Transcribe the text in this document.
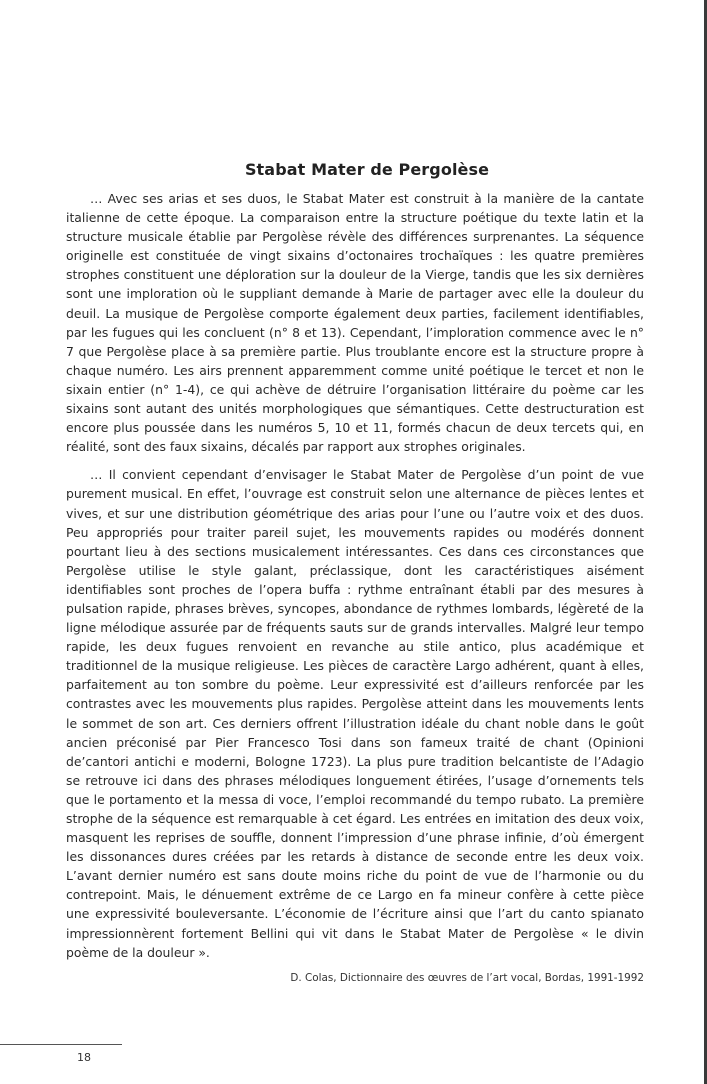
Stabat Mater de Pergolèse

… Avec ses arias et ses duos, le Stabat Mater est construit à la manière de la cantate italienne de cette époque. La comparaison entre la structure poétique du texte latin et la structure musicale établie par Pergolèse révèle des différences surprenantes. La séquence originelle est constituée de vingt sixains d’octonaires trochaïques : les quatre premières strophes constituent une déploration sur la douleur de la Vierge, tandis que les six dernières sont une imploration où le suppliant demande à Marie de partager avec elle la douleur du deuil. La musique de Pergolèse comporte également deux parties, facilement identifiables, par les fugues qui les concluent (n° 8 et 13). Cependant, l’imploration commence avec le n° 7 que Pergolèse place à sa première partie. Plus troublante encore est la structure propre à chaque numéro. Les airs prennent apparemment comme unité poétique le tercet et non le sixain entier (n° 1-4), ce qui achève de détruire l’organisation littéraire du poème car les sixains sont autant des unités morphologiques que sémantiques. Cette destructuration est encore plus poussée dans les numéros 5, 10 et 11, formés chacun de deux tercets qui, en réalité, sont des faux sixains, décalés par rapport aux strophes originales.

… Il convient cependant d’envisager le Stabat Mater de Pergolèse d’un point de vue purement musical. En effet, l’ouvrage est construit selon une alternance de pièces lentes et vives, et sur une distribution géométrique des arias pour l’une ou l’autre voix et des duos. Peu appropriés pour traiter pareil sujet, les mouvements rapides ou modérés donnent pourtant lieu à des sections musicalement intéressantes. Ces dans ces circonstances que Pergolèse utilise le style galant, préclassique, dont les caractéristiques aisément identifiables sont proches de l’opera buffa : rythme entraînant établi par des mesures à pulsation rapide, phrases brèves, syncopes, abondance de rythmes lombards, légèreté de la ligne mélodique assurée par de fréquents sauts sur de grands intervalles. Malgré leur tempo rapide, les deux fugues renvoient en revanche au stile antico, plus académique et traditionnel de la musique religieuse. Les pièces de caractère Largo adhérent, quant à elles, parfaitement au ton sombre du poème. Leur expressivité est d’ailleurs renforcée par les contrastes avec les mouvements plus rapides. Pergolèse atteint dans les mouvements lents le sommet de son art. Ces derniers offrent l’illustration idéale du chant noble dans le goût ancien préconisé par Pier Francesco Tosi dans son fameux traité de chant (Opinioni de’cantori antichi e moderni, Bologne 1723). La plus pure tradition belcantiste de l’Adagio se retrouve ici dans des phrases mélodiques longuement étirées, l’usage d’ornements tels que le portamento et la messa di voce, l’emploi recommandé du tempo rubato. La première strophe de la séquence est remarquable à cet égard. Les entrées en imitation des deux voix, masquent les reprises de souffle, donnent l’impression d’une phrase infinie, d’où émergent les dissonances dures créées par les retards à distance de seconde entre les deux voix. L’avant dernier numéro est sans doute moins riche du point de vue de l’harmonie ou du contrepoint. Mais, le dénuement extrême de ce Largo en fa mineur confère à cette pièce une expressivité bouleversante. L’économie de l’écriture ainsi que l’art du canto spianato impressionnèrent fortement Bellini qui vit dans le Stabat Mater de Pergolèse « le divin poème de la douleur ».

D. Colas, Dictionnaire des œuvres de l’art vocal, Bordas, 1991-1992
18
